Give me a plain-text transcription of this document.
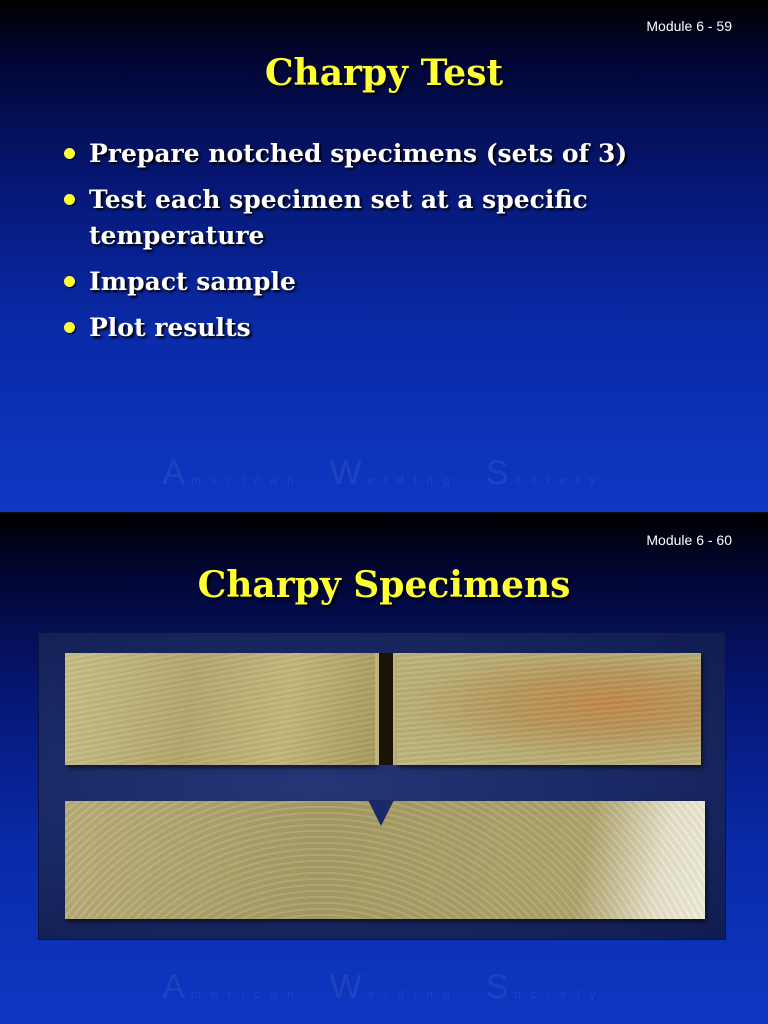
Module 6 - 59
Charpy Test
Prepare notched specimens (sets of 3)
Test each specimen set at a specific temperature
Impact sample
Plot results
American W elding S ociety
Module 6 - 60
Charpy Specimens
American W elding S ociety
